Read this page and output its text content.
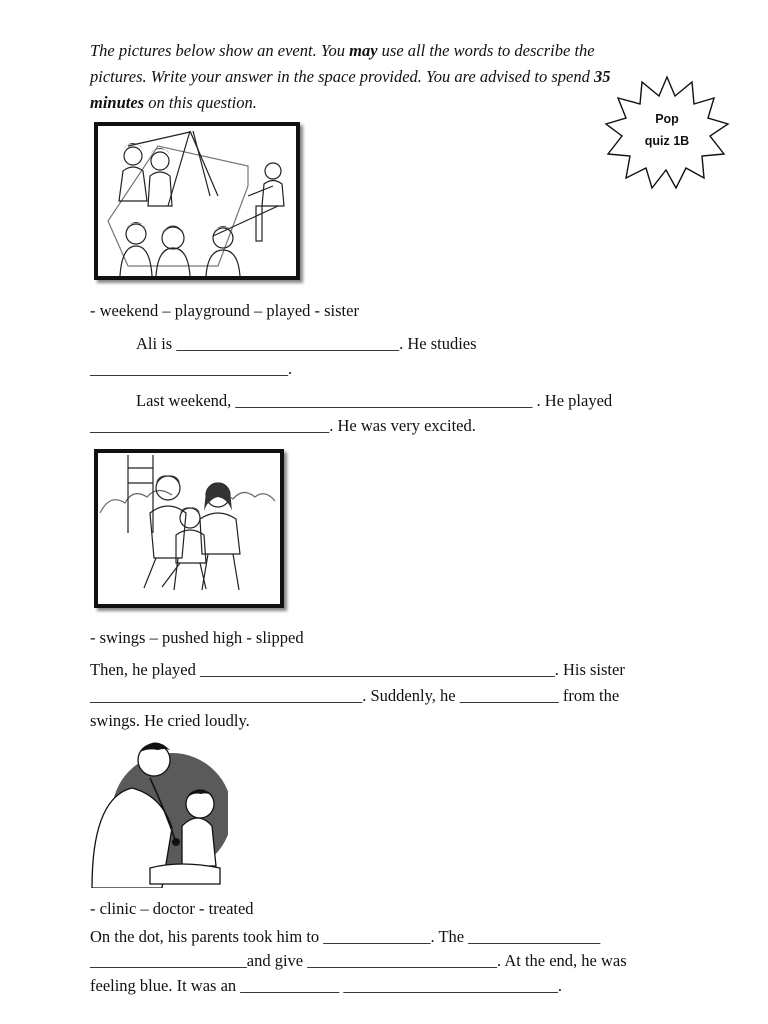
The pictures below show an event. You may use all the words to describe the pictures. Write your answer in the space provided. You are advised to spend 35 minutes on this question.
Pop
quiz 1B
- weekend – playground – played - sister
Ali is ___________________________. He studies
________________________.
Last weekend, ____________________________________ . He played
_____________________________. He was very excited.
- swings – pushed high - slipped
Then, he played ___________________________________________. His sister
_________________________________. Suddenly, he ____________ from the
swings. He cried loudly.
- clinic – doctor - treated
On the dot, his parents took him to _____________. The ________________
___________________and give _______________________. At the end, he was
feeling blue. It was an ____________ __________________________.
